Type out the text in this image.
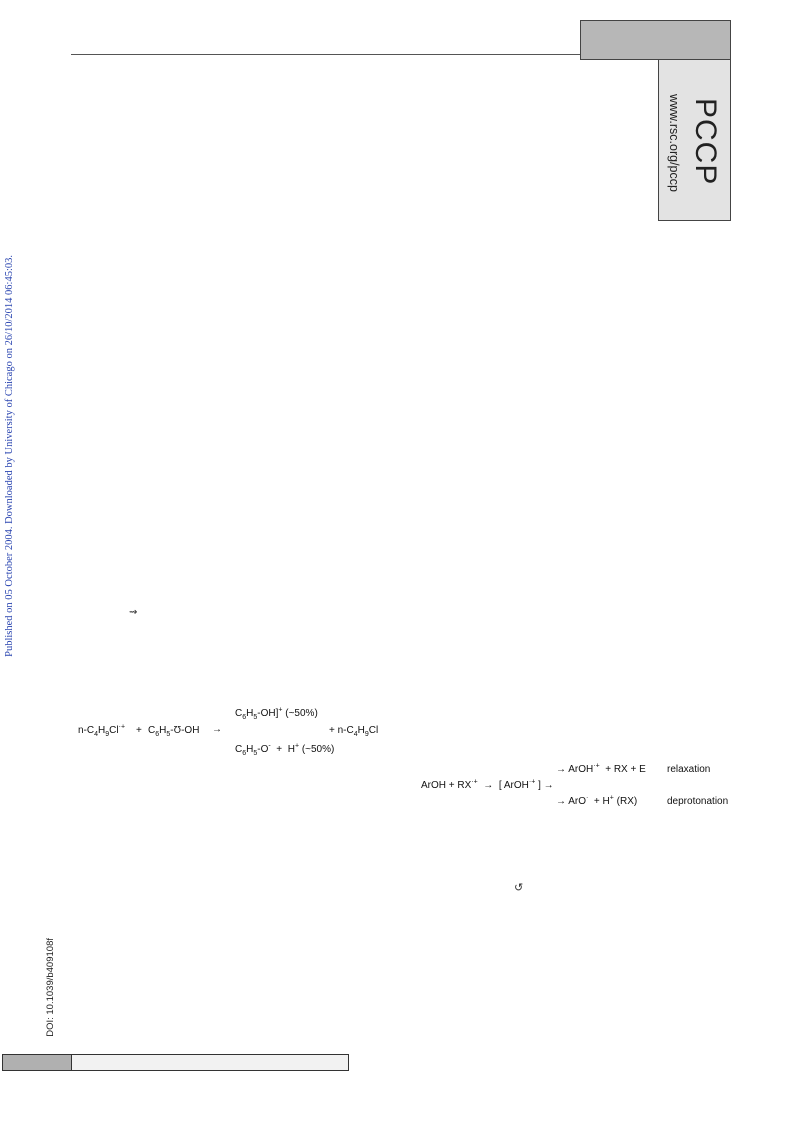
PCCP
www.rsc.org/pccp
Published on 05 October 2004. Downloaded by University of Chicago on 26/10/2014 06:45:03.
DOI: 10.1039/b409108f
⇝
↺
$n-C_4H_9Cl^{\cdot+}$ + $C_6H_5-Ʊ-OH$ →
$C_6H_5-OH]^+$ (~50%)
$C_6H_5-O^- + H^+$ (~50%)
+ $n-C_4H_9Cl$
ArOH + RX·+ → [ ArOH·+ ] →
→ ArOH·+ + RX + E relaxation
→ ArO· + H+ (RX)	deprotonation
